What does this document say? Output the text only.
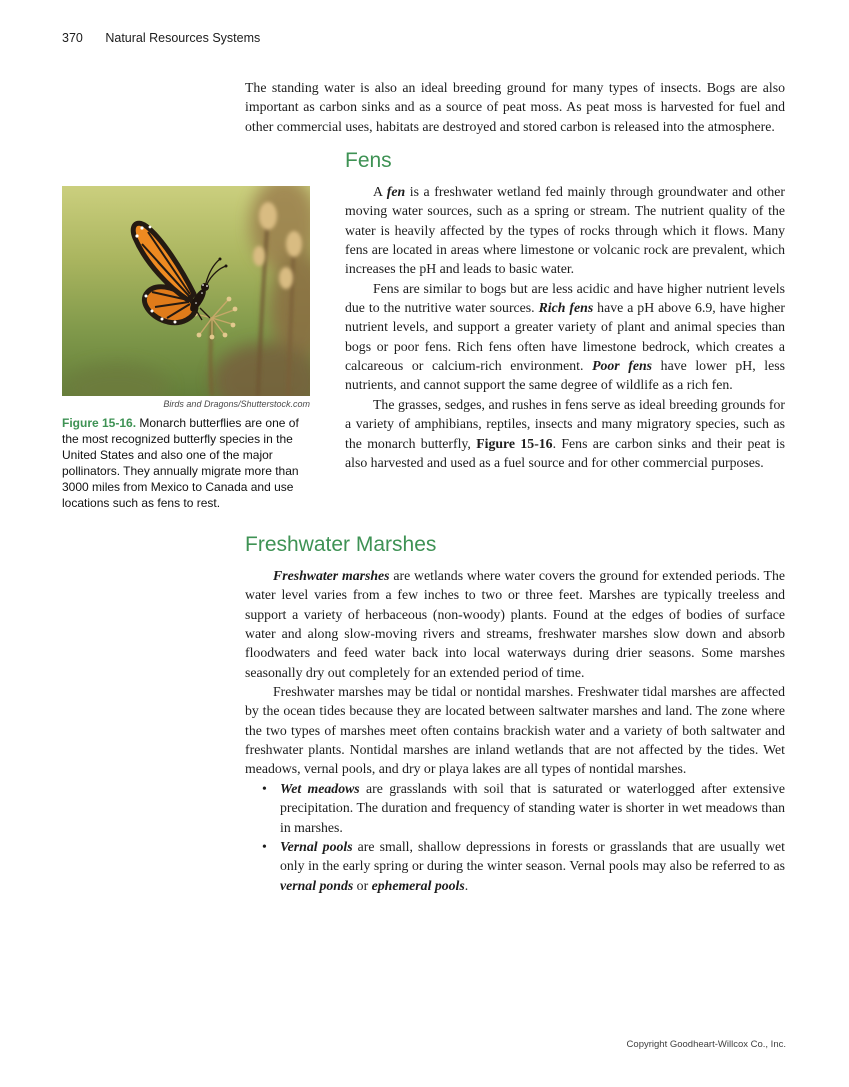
370 Natural Resources Systems

The standing water is also an ideal breeding ground for many types of insects. Bogs are also important as carbon sinks and as a source of peat moss. As peat moss is harvested for fuel and other commercial uses, habitats are destroyed and stored carbon is released into the atmosphere.

Birds and Dragons/Shutterstock.com
Figure 15-16. Monarch butterflies are one of the most recognized butterfly species in the United States and also one of the major pollinators. They annually migrate more than 3000 miles from Mexico to Canada and use locations such as fens to rest.
Fens

A fen is a freshwater wetland fed mainly through groundwater and other moving water sources, such as a spring or stream. The nutrient quality of the water is heavily affected by the types of rocks through which it flows. Many fens are located in areas where limestone or volcanic rock are prevalent, which increases the pH and leads to basic water.

Fens are similar to bogs but are less acidic and have higher nutrient levels due to the nutritive water sources. Rich fens have a pH above 6.9, have higher nutrient levels, and support a greater variety of plant and animal species than bogs or poor fens. Rich fens often have limestone bedrock, which creates a calcareous or calcium-rich environment. Poor fens have lower pH, less nutrients, and cannot support the same degree of wildlife as a rich fen.

The grasses, sedges, and rushes in fens serve as ideal breeding grounds for a variety of amphibians, reptiles, insects and many migratory species, such as the monarch butterfly, Figure 15-16. Fens are carbon sinks and their peat is also harvested and used as a fuel source and for other commercial purposes.

Freshwater Marshes

Freshwater marshes are wetlands where water covers the ground for extended periods. The water level varies from a few inches to two or three feet. Marshes are typically treeless and support a variety of herbaceous (non-woody) plants. Found at the edges of bodies of surface water and along slow-moving rivers and streams, freshwater marshes slow down and absorb floodwaters and feed water back into local waterways during drier seasons. Some marshes seasonally dry out completely for an extended period of time.

Freshwater marshes may be tidal or nontidal marshes. Freshwater tidal marshes are affected by the ocean tides because they are located between saltwater marshes and land. The zone where the two types of marshes meet often contains brackish water and a variety of both saltwater and freshwater plants. Nontidal marshes are inland wetlands that are not affected by the tides. Wet meadows, vernal pools, and dry or playa lakes are all types of nontidal marshes.

• Wet meadows are grasslands with soil that is saturated or waterlogged after extensive precipitation. The duration and frequency of standing water is shorter in wet meadows than in marshes.
• Vernal pools are small, shallow depressions in forests or grasslands that are usually wet only in the early spring or during the winter season. Vernal pools may also be referred to as vernal ponds or ephemeral pools.
Copyright Goodheart-Willcox Co., Inc.
